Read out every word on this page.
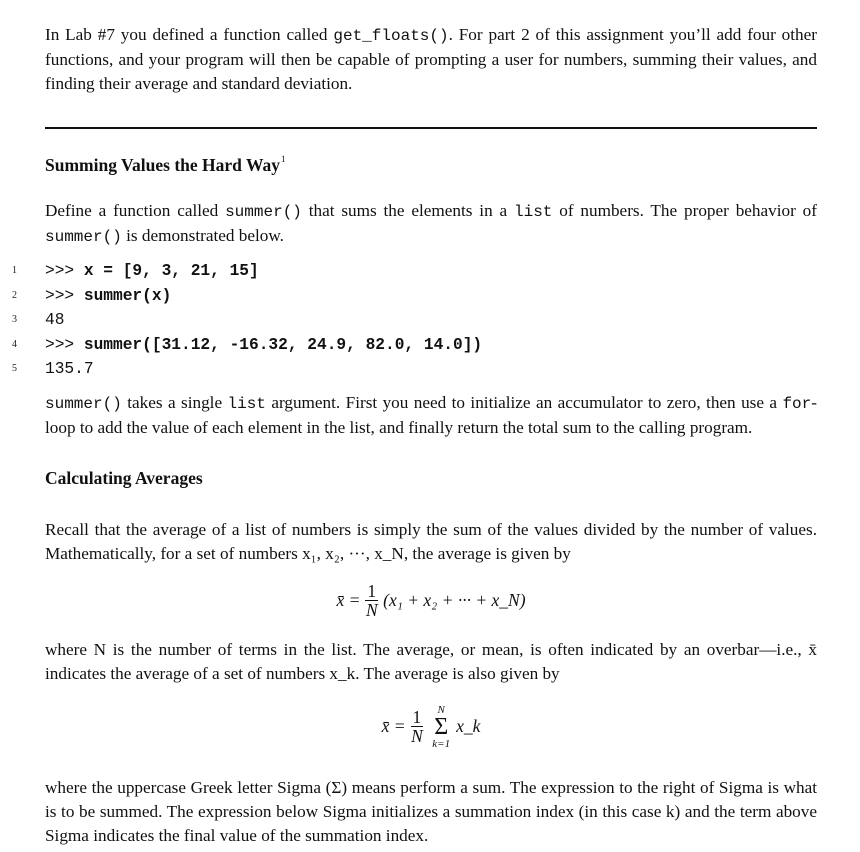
In Lab #7 you defined a function called get_floats(). For part 2 of this assignment you’ll add four other functions, and your program will then be capable of prompting a user for numbers, summing their values, and finding their average and standard deviation.

Summing Values the Hard Way$^1$

Define a function called summer() that sums the elements in a list of numbers. The proper behavior of summer() is demonstrated below.

1 >>> x = [9, 3, 21, 15]
2 >>> summer(x)
3 48
4 >>> summer([31.12, -16.32, 24.9, 82.0, 14.0])
5 135.7

summer() takes a single list argument. First you need to initialize an accumulator to zero, then use a for-loop to add the value of each element in the list, and finally return the total sum to the calling program.

Calculating Averages

Recall that the average of a list of numbers is simply the sum of the values divided by the number of values. Mathematically, for a set of numbers x₁, x₂, ···, x_N, the average is given by

x̄ = $\frac{1}{N} (x_1 + x_2$ + ··· + x_N)

where N is the number of terms in the list. The average, or mean, is often indicated by an overbar—i.e., x̄ indicates the average of a set of numbers x_k. The average is also given by

x̄ = $\frac{1}{N}$ N
Σ
k=1
x_k

where the uppercase Greek letter Sigma (Σ) means perform a sum. The expression to the right of Sigma is what is to be summed. The expression below Sigma initializes a summation index (in this case k) and the term above Sigma indicates the final value of the summation index.
